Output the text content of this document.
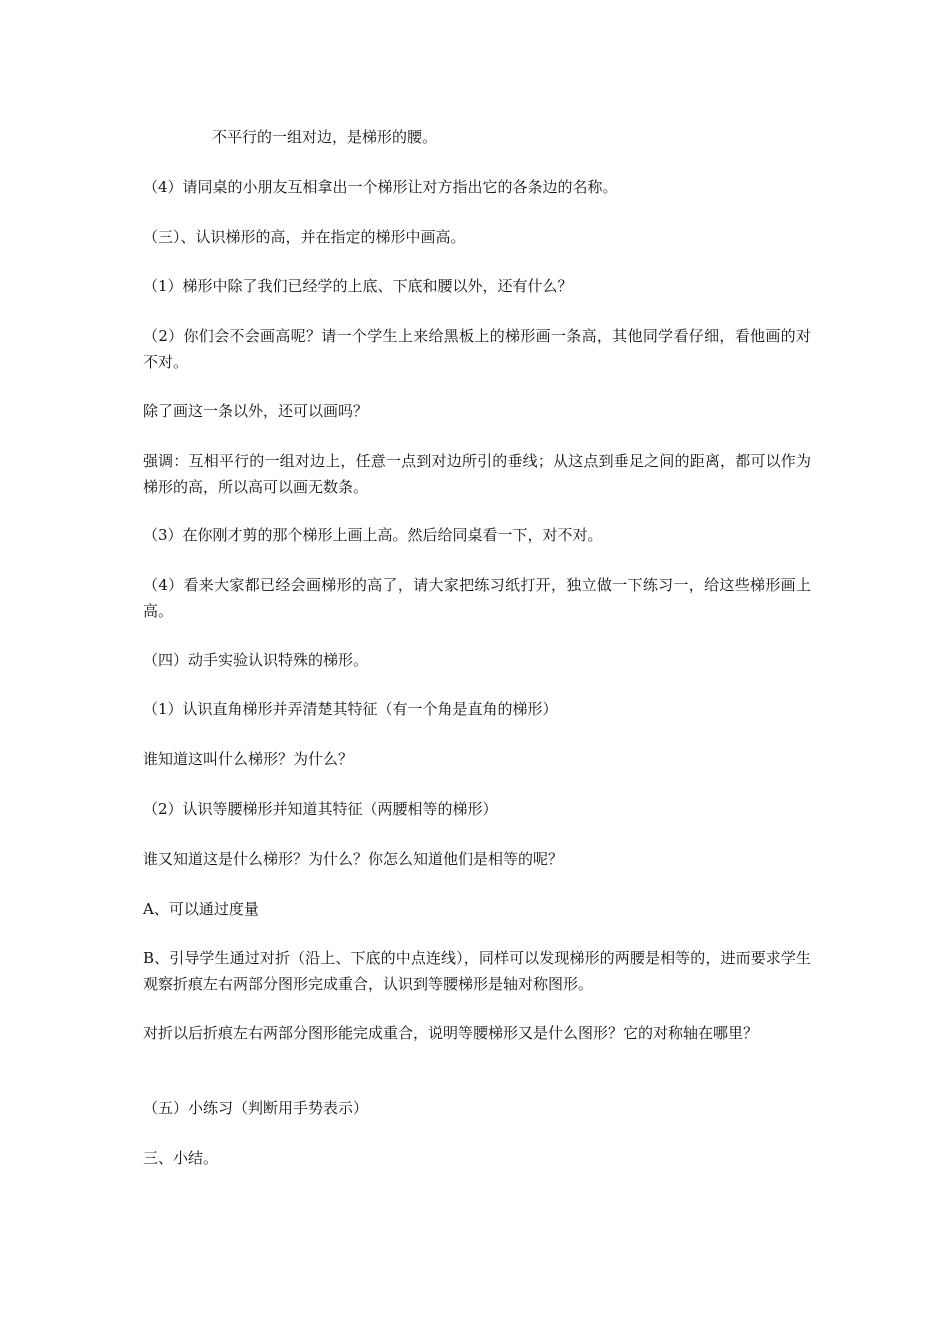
不平行的一组对边，是梯形的腰。

（4）请同桌的小朋友互相拿出一个梯形让对方指出它的各条边的名称。

（三）、认识梯形的高，并在指定的梯形中画高。

（1）梯形中除了我们已经学的上底、下底和腰以外，还有什么？

（2）你们会不会画高呢？请一个学生上来给黑板上的梯形画一条高，其他同学看仔细，看他画的对不对。

除了画这一条以外，还可以画吗？

强调：互相平行的一组对边上，任意一点到对边所引的垂线；从这点到垂足之间的距离，都可以作为梯形的高，所以高可以画无数条。

（3）在你刚才剪的那个梯形上画上高。然后给同桌看一下，对不对。

（4）看来大家都已经会画梯形的高了，请大家把练习纸打开，独立做一下练习一，给这些梯形画上高。

（四）动手实验认识特殊的梯形。

（1）认识直角梯形并弄清楚其特征（有一个角是直角的梯形）

谁知道这叫什么梯形？为什么？

（2）认识等腰梯形并知道其特征（两腰相等的梯形）

谁又知道这是什么梯形？为什么？你怎么知道他们是相等的呢？

A、可以通过度量

B、引导学生通过对折（沿上、下底的中点连线），同样可以发现梯形的两腰是相等的，进而要求学生观察折痕左右两部分图形完成重合，认识到等腰梯形是轴对称图形。

对折以后折痕左右两部分图形能完成重合，说明等腰梯形又是什么图形？它的对称轴在哪里？

（五）小练习（判断用手势表示）

三、小结。
